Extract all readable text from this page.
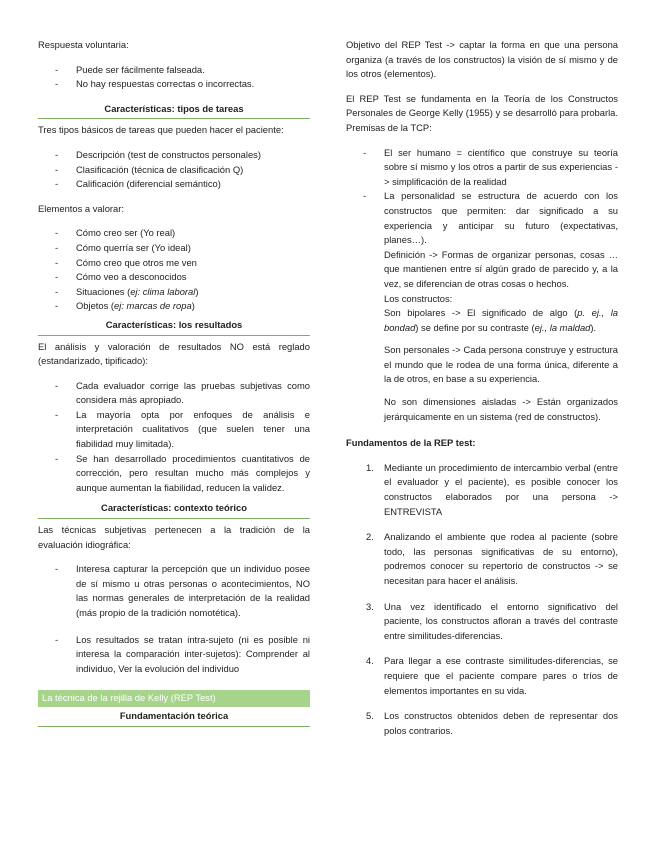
Respuesta voluntaria:

- Puede ser fácilmente falseada.
- No hay respuestas correctas o incorrectas.
Características: tipos de tareas

Tres tipos básicos de tareas que pueden hacer el paciente:

- Descripción (test de constructos personales)
- Clasificación (técnica de clasificación Q)
- Calificación (diferencial semántico)

Elementos a valorar:

- Cómo creo ser (Yo real)
- Cómo querría ser (Yo ideal)
- Cómo creo que otros me ven
- Cómo veo a desconocidos
- Situaciones (ej: clima laboral)
- Objetos (ej: marcas de ropa)
Características: los resultados

El análisis y valoración de resultados NO está reglado (estandarizado, tipificado):

- Cada evaluador corrige las pruebas subjetivas como considera más apropiado.
- La mayoría opta por enfoques de análisis e interpretación cualitativos (que suelen tener una fiabilidad muy limitada).
- Se han desarrollado procedimientos cuantitativos de corrección, pero resultan mucho más complejos y aunque aumentan la fiabilidad, reducen la validez.
Características: contexto teórico

Las técnicas subjetivas pertenecen a la tradición de la evaluación idiográfica:

- Interesa capturar la percepción que un individuo posee de sí mismo u otras personas o acontecimientos, NO las normas generales de interpretación de la realidad (más propio de la tradición nomotética).
- Los resultados se tratan intra-sujeto (ni es posible ni interesa la comparación inter-sujetos): Comprender al individuo, Ver la evolución del individuo
La técnica de la rejilla de Kelly (REP Test)
Fundamentación teórica

Objetivo del REP Test -> captar la forma en que una persona organiza (a través de los constructos) la visión de sí mismo y de los otros (elementos).

El REP Test se fundamenta en la Teoría de los Constructos Personales de George Kelly (1955) y se desarrolló para probarla. Premisas de la TCP:

- El ser humano = científico que construye su teoría sobre sí mismo y los otros a partir de sus experiencias -> simplificación de la realidad
- La personalidad se estructura de acuerdo con los constructos que permiten: dar significado a su experiencia y anticipar su futuro (expectativas, planes…).
Definición -> Formas de organizar personas, cosas … que mantienen entre sí algún grado de parecido y, a la vez, se diferencian de otras cosas o hechos.
Los constructos:
Son bipolares -> El significado de algo (p. ej., la bondad) se define por su contraste (ej., la maldad).
Son personales -> Cada persona construye y estructura el mundo que le rodea de una forma única, diferente a la de otros, en base a su experiencia.
No son dimensiones aisladas -> Están organizados jerárquicamente en un sistema (red de constructos).

Fundamentos de la REP test:

1. Mediante un procedimiento de intercambio verbal (entre el evaluador y el paciente), es posible conocer los constructos elaborados por una persona -> ENTREVISTA
2. Analizando el ambiente que rodea al paciente (sobre todo, las personas significativas de su entorno), podremos conocer su repertorio de constructos -> se necesitan para hacer el análisis.
3. Una vez identificado el entorno significativo del paciente, los constructos afloran a través del contraste entre similitudes-diferencias.
4. Para llegar a ese contraste similitudes-diferencias, se requiere que el paciente compare pares o tríos de elementos importantes en su vida.
5. Los constructos obtenidos deben de representar dos polos contrarios.
